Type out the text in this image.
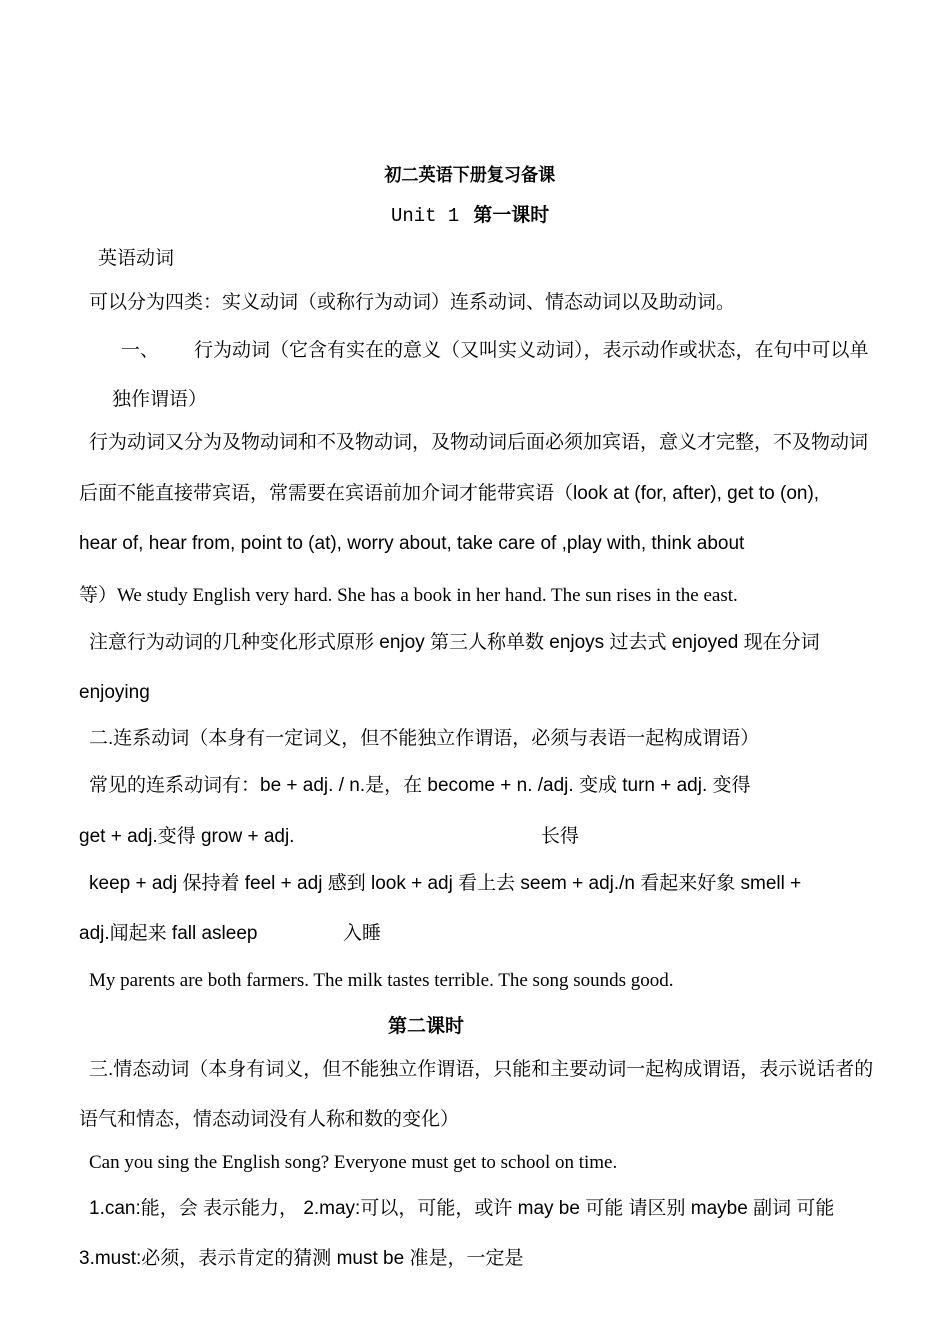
初二英语下册复习备课
Unit 1 第一课时
英语动词
可以分为四类：实义动词（或称行为动词）连系动词、情态动词以及助动词。
一、 行为动词（它含有实在的意义（又叫实义动词），表示动作或状态，在句中可以单
独作谓语）
行为动词又分为及物动词和不及物动词，及物动词后面必须加宾语，意义才完整，不及物动词
后面不能直接带宾语，常需要在宾语前加介词才能带宾语（look at (for, after), get to (on),
hear of, hear from, point to (at), worry about, take care of ,play with, think about
等）We study English very hard. She has a book in her hand. The sun rises in the east.
注意行为动词的几种变化形式原形 enjoy 第三人称单数 enjoys 过去式 enjoyed 现在分词
enjoying
二.连系动词（本身有一定词义，但不能独立作谓语，必须与表语一起构成谓语）
常见的连系动词有：be + adj. / n.是，在 become + n. /adj. 变成 turn + adj. 变得
get + adj.变得 grow + adj.	长得
keep + adj 保持着 feel + adj 感到 look + adj 看上去 seem + adj./n 看起来好象 smell +
adj.闻起来 fall asleep	入睡
My parents are both farmers. The milk tastes terrible. The song sounds good.
第二课时
三.情态动词（本身有词义，但不能独立作谓语，只能和主要动词一起构成谓语，表示说话者的
语气和情态，情态动词没有人称和数的变化）
Can you sing the English song? Everyone must get to school on time.
1.can:能，会 表示能力， 2.may:可以，可能，或许 may be 可能 请区别 maybe 副词 可能
3.must:必须，表示肯定的猜测 must be 准是，一定是
